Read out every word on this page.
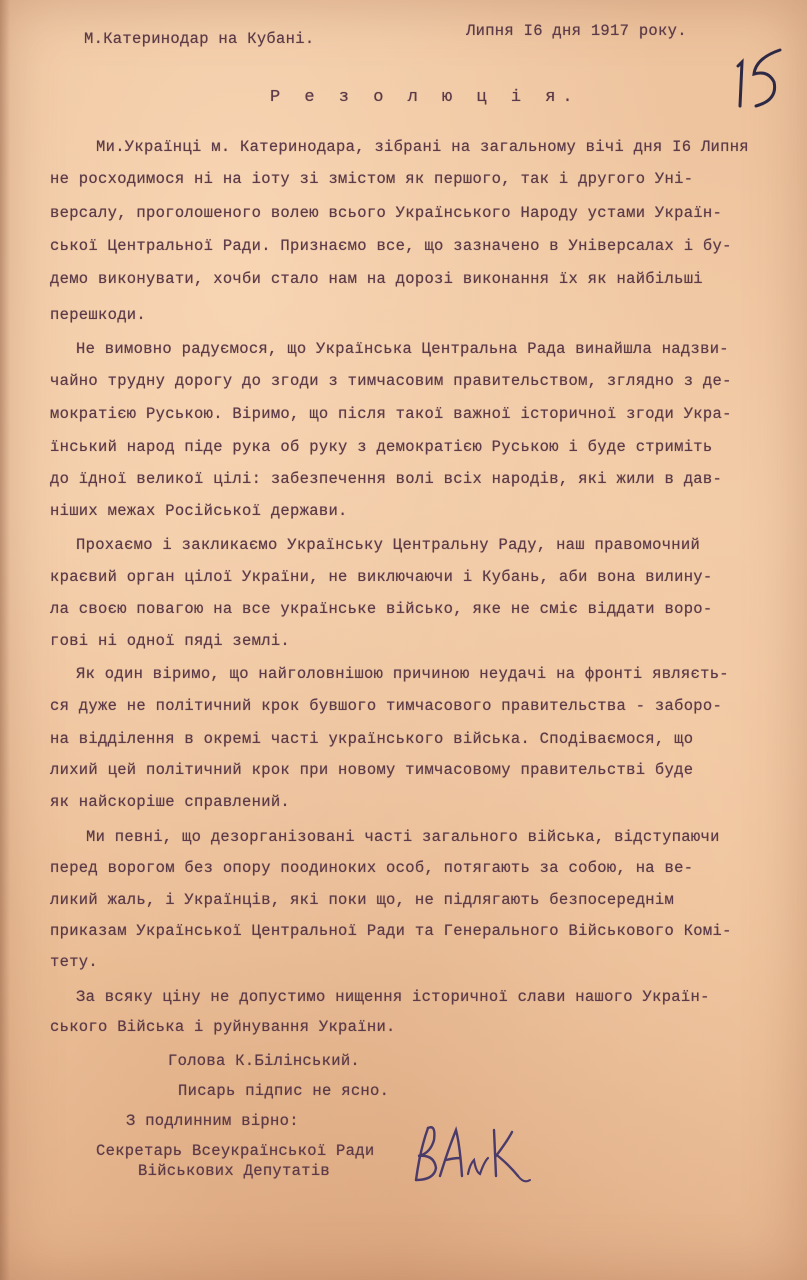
М.Катеринодар на Кубані.	Липня I6 дня 1917 року.
Р е з о л ю ц і я.
Ми.Українці м. Катеринодара, зібрані на загальному вічі дня I6 Липня
не росходимося ні на іоту зі змістом як першого, так і другого Уні-
версалу, проголошеного волею всього Українського Народу устами Україн-
ської Центральної Ради. Признаємо все, що зазначено в Універсалах і бу-
демо виконувати, хочби стало нам на дорозі виконання їх як найбільші
перешкоди.
Не вимовно радуємося, що Українська Центральна Рада винайшла надзви-
чайно трудну дорогу до згоди з тимчасовим правительством, зглядно з де-
мократією Руською. Віримо, що після такої важної історичної згоди Укра-
їнський народ піде рука об руку з демократією Руською і буде стриміть
до їдної великої цілі: забезпечення волі всіх народів, які жили в дав-
ніших межах Російської держави.
Прохаємо і закликаємо Українську Центральну Раду, наш правомочний
краєвий орган цілої України, не виключаючи і Кубань, аби вона вилину-
ла своєю повагою на все українське військо, яке не сміє віддати воро-
гові ні одної пяді землі.
Як один віримо, що найголовнішою причиною неудачі на фронті являєть-
ся дуже не політичний крок бувшого тимчасового правительства - заборо-
на відділення в окремі часті українського війська. Сподіваємося, що
лихий цей політичний крок при новому тимчасовому правительстві буде
як найскоріше справлений.
Ми певні, що дезорганізовані часті загального війська, відступаючи
перед ворогом без опору поодиноких особ, потягають за собою, на ве-
ликий жаль, і Українців, які поки що, не підлягають безпосереднім
приказам Української Центральної Ради та Генерального Військового Комі-
тету.
За всяку ціну не допустимо нищення історичної слави нашого Україн-
ського Війська і руйнування України.
Голова К.Білінський.
Писарь підпис не ясно.
З подлинним вірно:
Секретарь Всеукраїнської Ради
Військових Депутатів
